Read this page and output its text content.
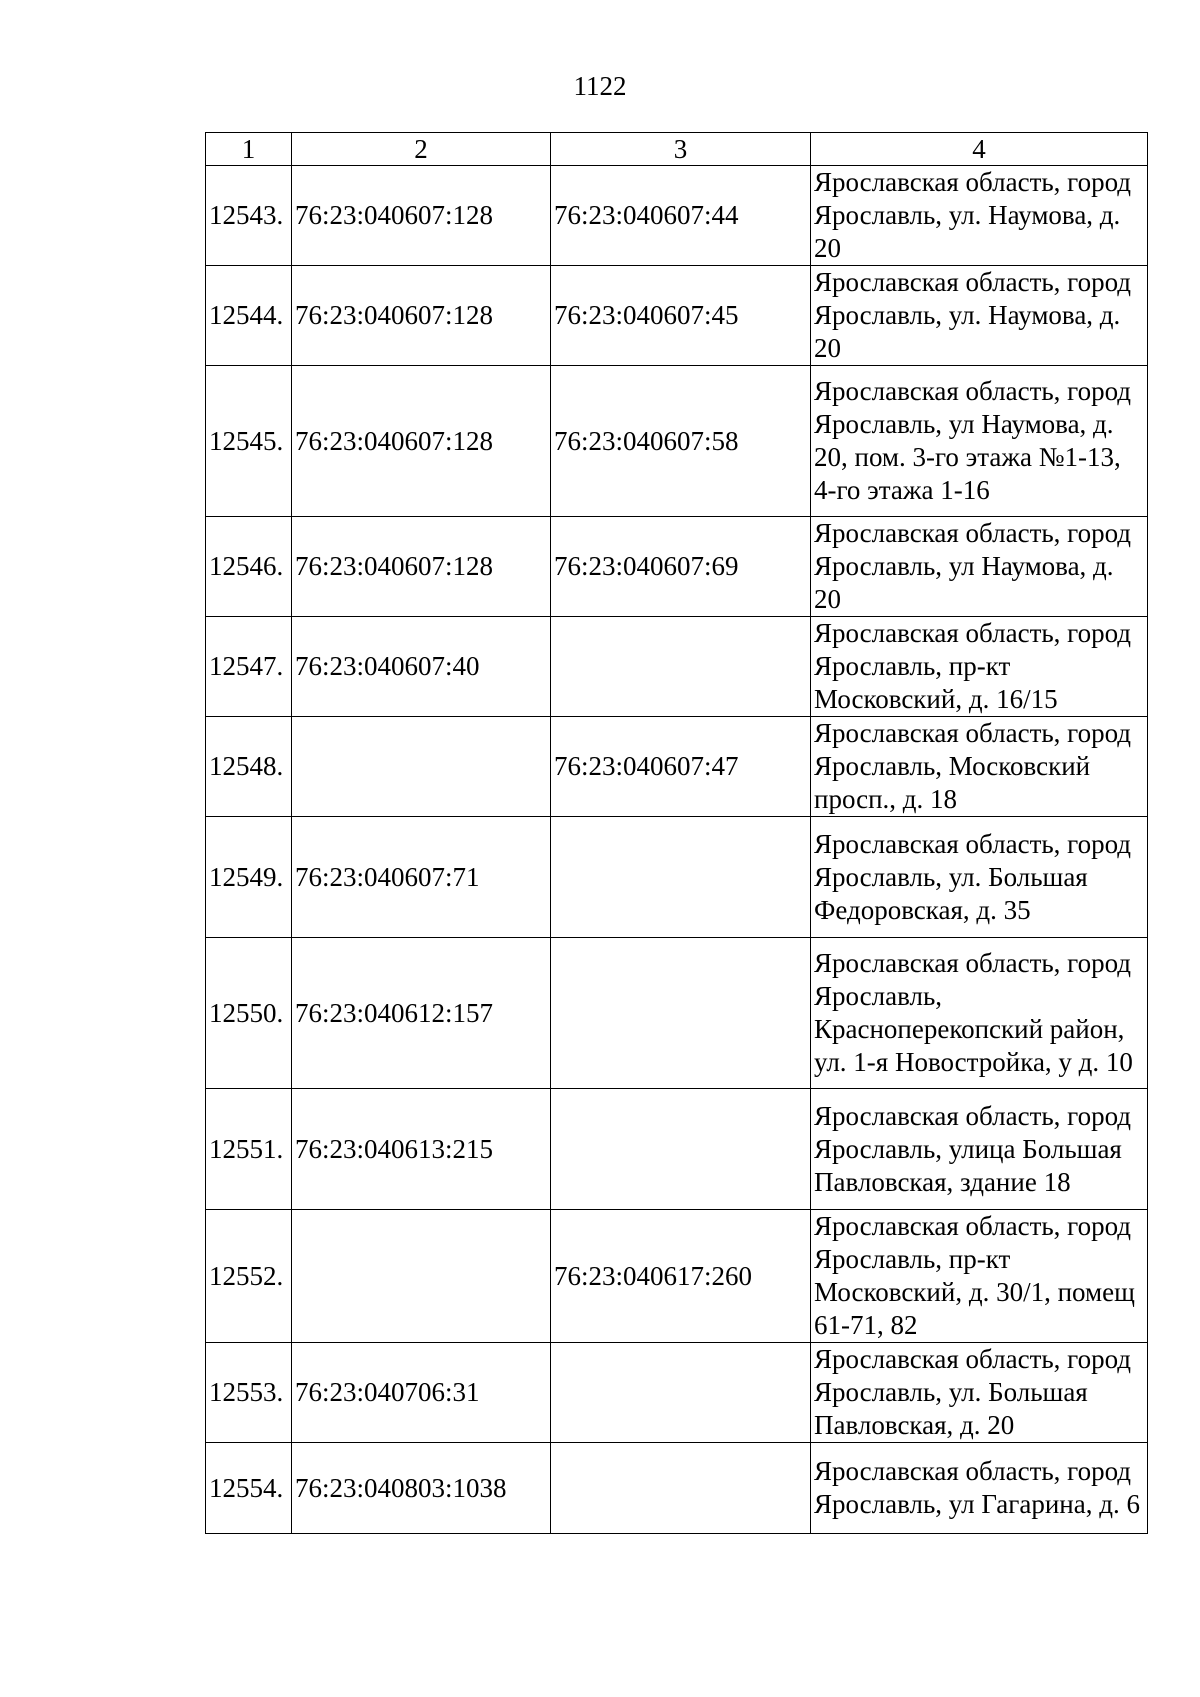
1122
1	2	3	4
12543.	76:23:040607:128	76:23:040607:44	Ярославская область, город Ярославль, ул. Наумова, д. 20
12544.	76:23:040607:128	76:23:040607:45	Ярославская область, город Ярославль, ул. Наумова, д. 20
12545.	76:23:040607:128	76:23:040607:58	Ярославская область, город Ярославль, ул Наумова, д. 20, пом. 3-го этажа №1-13, 4-го этажа 1-16
12546.	76:23:040607:128	76:23:040607:69	Ярославская область, город Ярославль, ул Наумова, д. 20
12547.	76:23:040607:40		Ярославская область, город Ярославль, пр-кт Московский, д. 16/15
12548.		76:23:040607:47	Ярославская область, город Ярославль, Московский просп., д. 18
12549.	76:23:040607:71		Ярославская область, город Ярославль, ул. Большая Федоровская, д. 35
12550.	76:23:040612:157		Ярославская область, город Ярославль, Красноперекопский район, ул. 1-я Новостройка, у д. 10
12551.	76:23:040613:215		Ярославская область, город Ярославль, улица Большая Павловская, здание 18
12552.		76:23:040617:260	Ярославская область, город Ярославль, пр-кт Московский, д. 30/1, помещ 61-71, 82
12553.	76:23:040706:31		Ярославская область, город Ярославль, ул. Большая Павловская, д. 20
12554.	76:23:040803:1038		Ярославская область, город Ярославль, ул Гагарина, д. 6
